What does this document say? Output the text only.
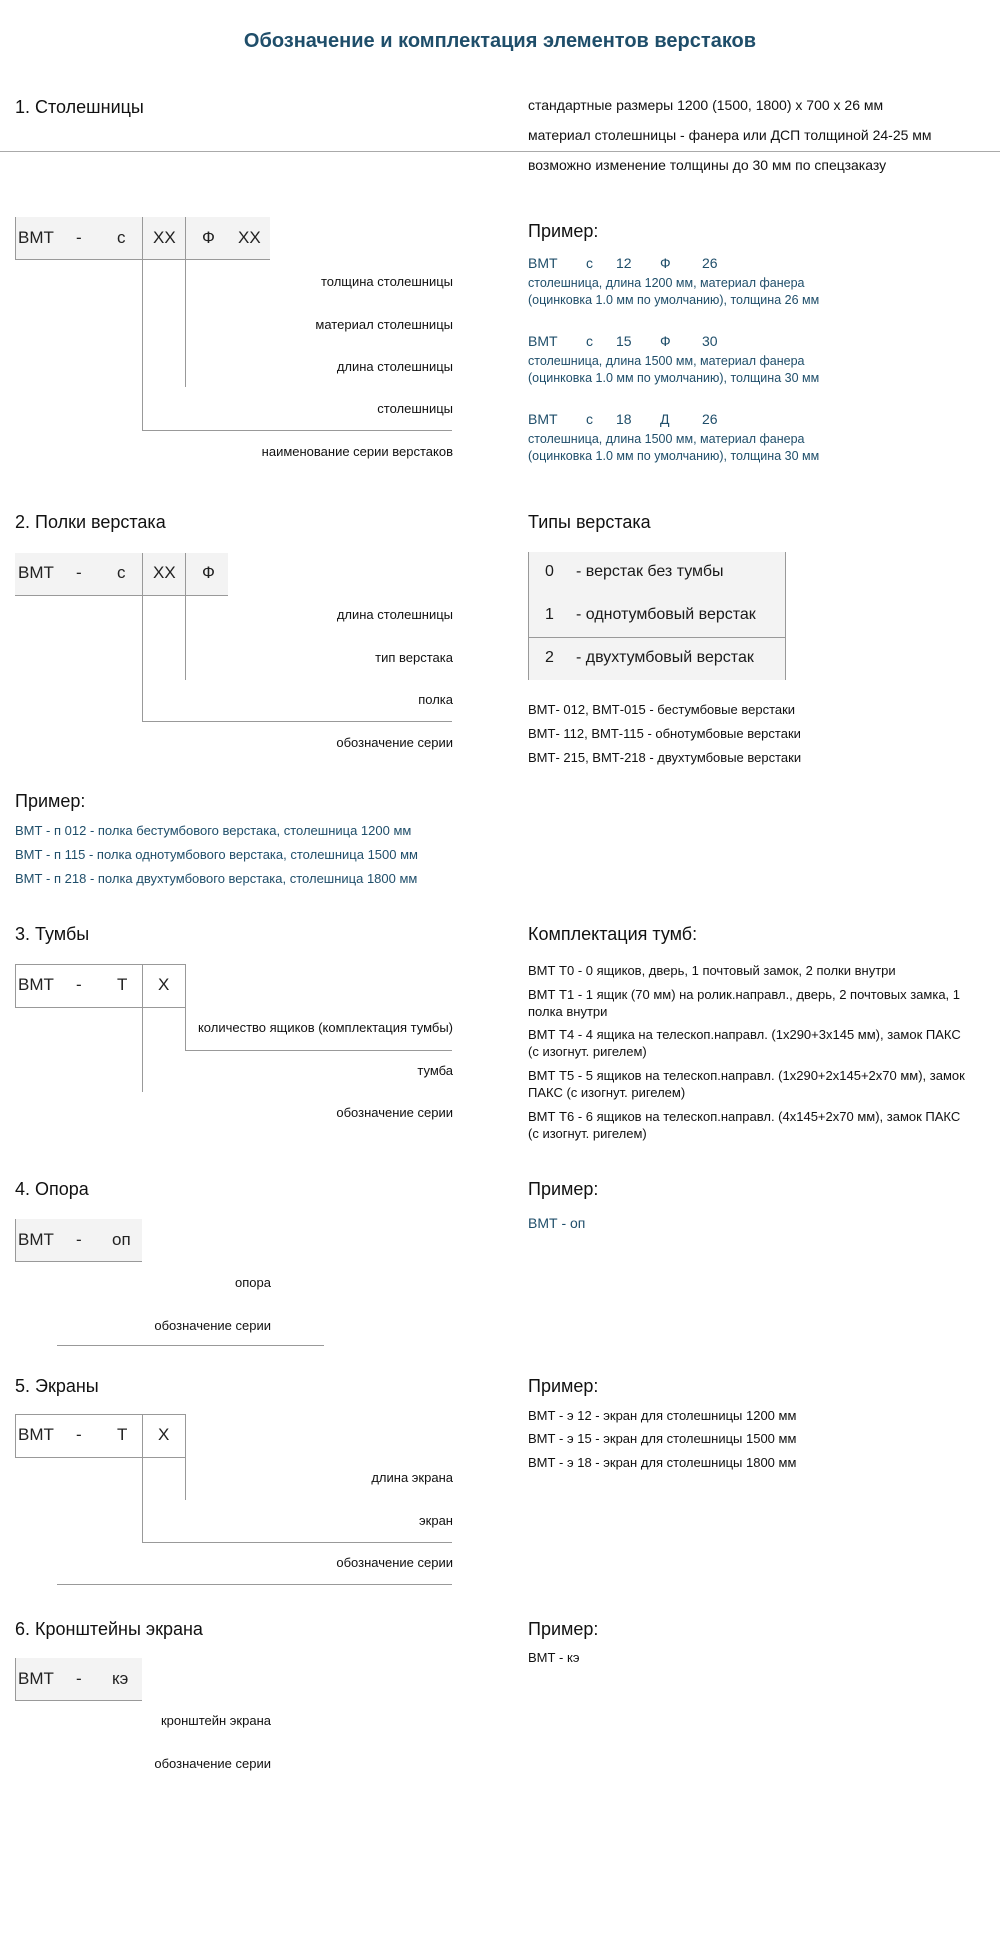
Обозначение и комплектация элементов верстаков
1. Столешницы	стандартные размеры 1200 (1500, 1800) х 700 х 26 мм
материал столешницы - фанера или ДСП толщиной 24-25 мм
возможно изменение толщины до 30 мм по спецзаказу
ВМТ - с ХХ Ф ХХ
толщина столешницы
материал столешницы
длина столешницы
столешницы
наименование серии верстаков
Пример:
ВМТ с 12 Ф 26
столешница, длина 1200 мм, материал фанера
(оцинковка 1.0 мм по умолчанию), толщина 26 мм
ВМТ с 15 Ф 30
столешница, длина 1500 мм, материал фанера
(оцинковка 1.0 мм по умолчанию), толщина 30 мм
ВМТ с 18 Д 26
столешница, длина 1500 мм, материал фанера
(оцинковка 1.0 мм по умолчанию), толщина 30 мм
2. Полки верстака
ВМТ - с ХХ Ф
длина столешницы
тип верстака
полка
обозначение серии
Типы верстака
0 - верстак без тумбы
1 - однотумбовый верстак
2 - двухтумбовый верстак
ВМТ- 012, ВМТ-015 - бестумбовые верстаки
ВМТ- 112, ВМТ-115 - обнотумбовые верстаки
ВМТ- 215, ВМТ-218 - двухтумбовые верстаки
Пример:
ВМТ - п 012 - полка бестумбового верстака, столешница 1200 мм
ВМТ - п 115 - полка однотумбового верстака, столешница 1500 мм
ВМТ - п 218 - полка двухтумбового верстака, столешница 1800 мм
3. Тумбы
ВМТ - Т Х
количество ящиков (комплектация тумбы)
тумба
обозначение серии
Комплектация тумб:
ВМТ Т0 - 0 ящиков, дверь, 1 почтовый замок, 2 полки внутри
ВМТ Т1 - 1 ящик (70 мм) на ролик.направл., дверь, 2 почтовых замка, 1
полка внутри
ВМТ Т4 - 4 ящика на телескоп.направл. (1х290+3х145 мм), замок ПАКС
(с изогнут. ригелем)
ВМТ Т5 - 5 ящиков на телескоп.направл. (1х290+2х145+2х70 мм), замок
ПАКС (с изогнут. ригелем)
ВМТ Т6 - 6 ящиков на телескоп.направл. (4х145+2х70 мм), замок ПАКС
(с изогнут. ригелем)
4. Опора
ВМТ - оп
опора
обозначение серии
Пример:
ВМТ - оп
5. Экраны
ВМТ - Т Х
длина экрана
экран
обозначение серии
Пример:
ВМТ - э 12 - экран для столешницы 1200 мм
ВМТ - э 15 - экран для столешницы 1500 мм
ВМТ - э 18 - экран для столешницы 1800 мм
6. Кронштейны экрана
ВМТ - кэ
кронштейн экрана
обозначение серии
Пример:
ВМТ - кэ
